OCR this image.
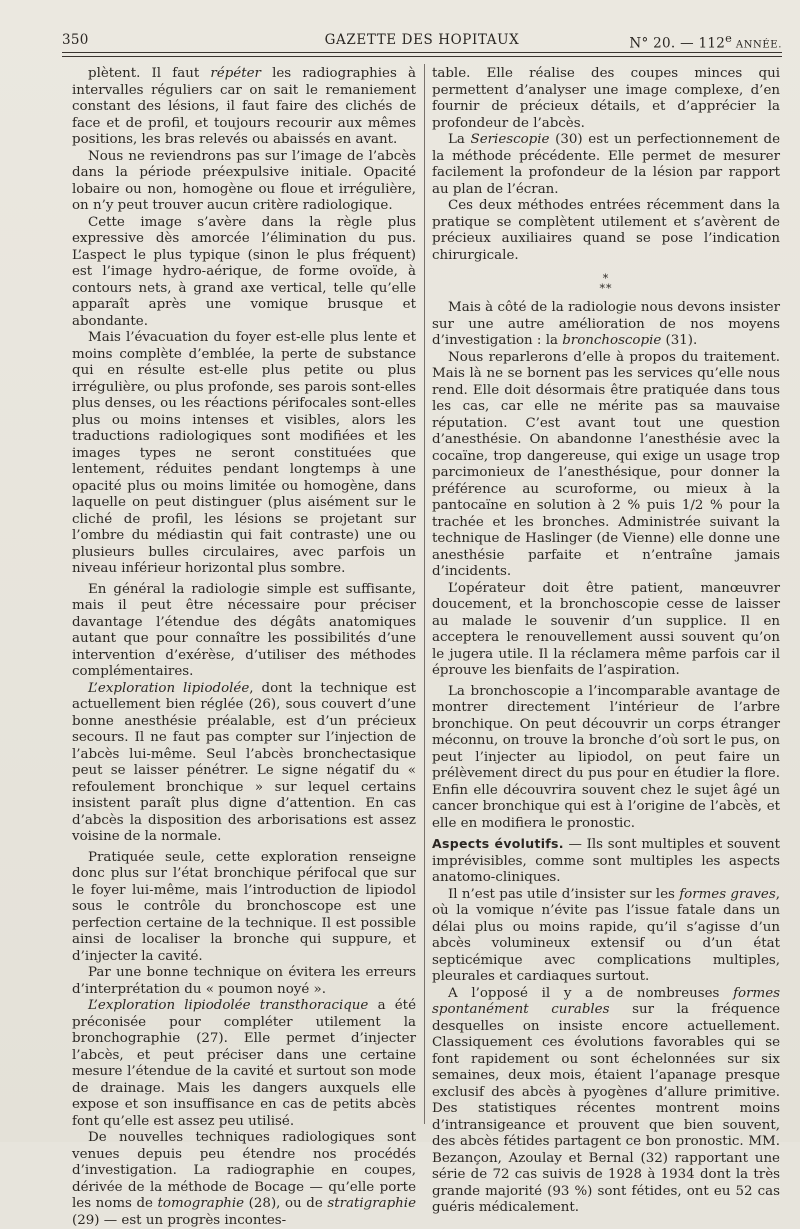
350	GAZETTE DES HOPITAUX	N° 20. — 112e ANNÉE.

plètent. Il faut répéter les radiographies à intervalles réguliers car on sait le remaniement constant des lésions, il faut faire des clichés de face et de profil, et toujours recourir aux mêmes positions, les bras relevés ou abaissés en avant.

Nous ne reviendrons pas sur l’image de l’abcès dans la période préexpulsive initiale. Opacité lobaire ou non, homogène ou floue et irrégulière, on n’y peut trouver aucun critère radiologique.

Cette image s’avère dans la règle plus expressive dès amorcée l’élimination du pus. L’aspect le plus typique (sinon le plus fréquent) est l’image hydro-aérique, de forme ovoïde, à contours nets, à grand axe vertical, telle qu’elle apparaît après une vomique brusque et abondante.

Mais l’évacuation du foyer est-elle plus lente et moins complète d’emblée, la perte de substance qui en résulte est-elle plus petite ou plus irrégulière, ou plus profonde, ses parois sont-elles plus denses, ou les réactions périfocales sont-elles plus ou moins intenses et visibles, alors les traductions radiologiques sont modifiées et les images types ne seront constituées que lentement, réduites pendant longtemps à une opacité plus ou moins limitée ou homogène, dans laquelle on peut distinguer (plus aisément sur le cliché de profil, les lésions se projetant sur l’ombre du médiastin qui fait contraste) une ou plusieurs bulles circulaires, avec parfois un niveau inférieur horizontal plus sombre.

En général la radiologie simple est suffisante, mais il peut être nécessaire pour préciser davantage l’étendue des dégâts anatomiques autant que pour connaître les possibilités d’une intervention d’exérèse, d’utiliser des méthodes complémentaires.

L’exploration lipiodolée, dont la technique est actuellement bien réglée (26), sous couvert d’une bonne anesthésie préalable, est d’un précieux secours. Il ne faut pas compter sur l’injection de l’abcès lui-même. Seul l’abcès bronchectasique peut se laisser pénétrer. Le signe négatif du « refoulement bronchique » sur lequel certains insistent paraît plus digne d’attention. En cas d’abcès la disposition des arborisations est assez voisine de la normale.

Pratiquée seule, cette exploration renseigne donc plus sur l’état bronchique périfocal que sur le foyer lui-même, mais l’introduction de lipiodol sous le contrôle du bronchoscope est une perfection certaine de la technique. Il est possible ainsi de localiser la bronche qui suppure, et d’injecter la cavité.

Par une bonne technique on évitera les erreurs d’interprétation du « poumon noyé ».

L’exploration lipiodolée transthoracique a été préconisée pour compléter utilement la bronchographie (27). Elle permet d’injecter l’abcès, et peut préciser dans une certaine mesure l’étendue de la cavité et surtout son mode de drainage. Mais les dangers auxquels elle expose et son insuffisance en cas de petits abcès font qu’elle est assez peu utilisé.

De nouvelles techniques radiologiques sont venues depuis peu étendre nos procédés d’investigation. La radiographie en coupes, dérivée de la méthode de Bocage — qu’elle porte les noms de tomographie (28), ou de stratigraphie (29) — est un progrès incontes-

table. Elle réalise des coupes minces qui permettent d’analyser une image complexe, d’en fournir de précieux détails, et d’apprécier la profondeur de l’abcès.

La Seriescopie (30) est un perfectionnement de la méthode précédente. Elle permet de mesurer facilement la profondeur de la lésion par rapport au plan de l’écran.

Ces deux méthodes entrées récemment dans la pratique se complètent utilement et s’avèrent de précieux auxiliaires quand se pose l’indication chirurgicale.

*
**

Mais à côté de la radiologie nous devons insister sur une autre amélioration de nos moyens d’investigation : la bronchoscopie (31).

Nous reparlerons d’elle à propos du traitement. Mais là ne se bornent pas les services qu’elle nous rend. Elle doit désormais être pratiquée dans tous les cas, car elle ne mérite pas sa mauvaise réputation. C’est avant tout une question d’anesthésie. On abandonne l’anesthésie avec la cocaïne, trop dangereuse, qui exige un usage trop parcimonieux de l’anesthésique, pour donner la préférence au scuroforme, ou mieux à la pantocaïne en solution à 2 % puis 1/2 % pour la trachée et les bronches. Administrée suivant la technique de Haslinger (de Vienne) elle donne une anesthésie parfaite et n’entraîne jamais d’incidents.

L’opérateur doit être patient, manœuvrer doucement, et la bronchoscopie cesse de laisser au malade le souvenir d’un supplice. Il en acceptera le renouvellement aussi souvent qu’on le jugera utile. Il la réclamera même parfois car il éprouve les bienfaits de l’aspiration.

La bronchoscopie a l’incomparable avantage de montrer directement l’intérieur de l’arbre bronchique. On peut découvrir un corps étranger méconnu, on trouve la bronche d’où sort le pus, on peut l’injecter au lipiodol, on peut faire un prélèvement direct du pus pour en étudier la flore. Enfin elle découvrira souvent chez le sujet âgé un cancer bronchique qui est à l’origine de l’abcès, et elle en modifiera le pronostic.

Aspects évolutifs. — Ils sont multiples et souvent imprévisibles, comme sont multiples les aspects anatomo-cliniques.

Il n’est pas utile d’insister sur les formes graves, où la vomique n’évite pas l’issue fatale dans un délai plus ou moins rapide, qu’il s’agisse d’un abcès volumineux extensif ou d’un état septicémique avec complications multiples, pleurales et cardiaques surtout.

A l’opposé il y a de nombreuses formes spontanément curables sur la fréquence desquelles on insiste encore actuellement. Classiquement ces évolutions favorables qui se font rapidement ou sont échelonnées sur six semaines, deux mois, étaient l’apanage presque exclusif des abcès à pyogènes d’allure primitive. Des statistiques récentes montrent moins d’intransigeance et prouvent que bien souvent, des abcès fétides partagent ce bon pronostic. MM. Bezançon, Azoulay et Bernal (32) rapportant une série de 72 cas suivis de 1928 à 1934 dont la très grande majorité (93 %) sont fétides, ont eu 52 cas guéris médicalement.
